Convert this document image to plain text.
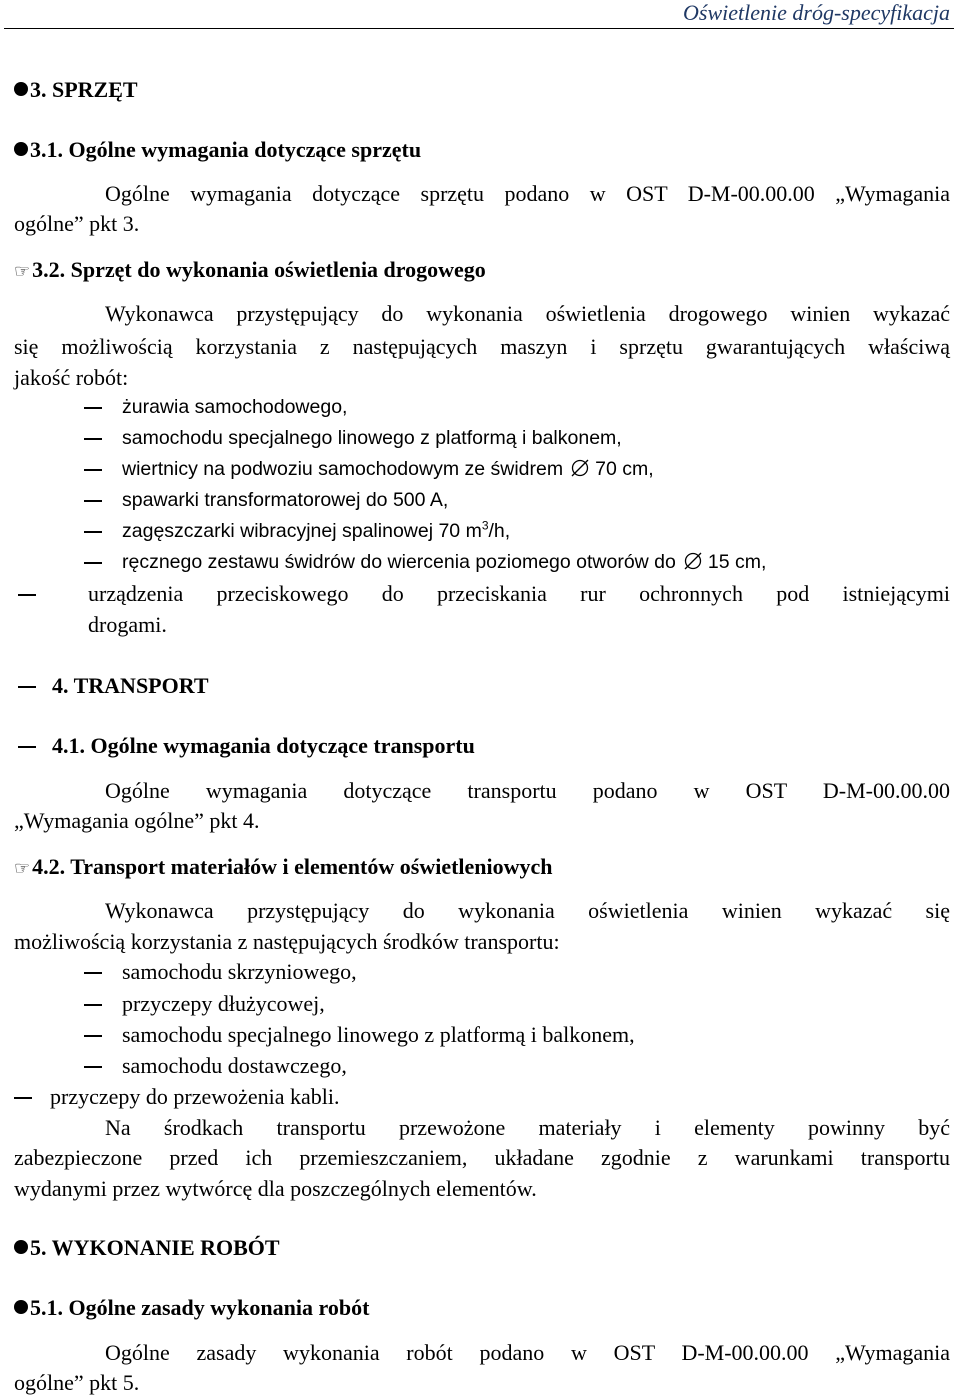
Oświetlenie dróg-specyfikacja
3. SPRZĘT
3.1. Ogólne wymagania dotyczące sprzętu
Ogólne wymagania dotyczące sprzętu podano w OST D-M-00.00.00 „Wymagania
ogólne” pkt 3.
☞3.2. Sprzęt do wykonania oświetlenia drogowego
Wykonawca przystępujący do wykonania oświetlenia drogowego winien wykazać
się możliwością korzystania z następujących maszyn i sprzętu gwarantujących właściwą
jakość robót:
żurawia samochodowego,
samochodu specjalnego linowego z platformą i balkonem,
wiertnicy na podwoziu samochodowym ze świdrem 70 cm,
spawarki transformatorowej do 500 A,
zagęszczarki wibracyjnej spalinowej 70 $m^3/h$,
ręcznego zestawu świdrów do wiercenia poziomego otworów do 15 cm,
urządzenia przeciskowego do przeciskania rur ochronnych pod istniejącymi
drogami.
4. TRANSPORT
4.1. Ogólne wymagania dotyczące transportu
Ogólne wymagania dotyczące transportu podano w OST D-M-00.00.00
„Wymagania ogólne” pkt 4.
☞4.2. Transport materiałów i elementów oświetleniowych
Wykonawca przystępujący do wykonania oświetlenia winien wykazać się
możliwością korzystania z następujących środków transportu:
samochodu skrzyniowego,
przyczepy dłużycowej,
samochodu specjalnego linowego z platformą i balkonem,
samochodu dostawczego,
przyczepy do przewożenia kabli.
Na środkach transportu przewożone materiały i elementy powinny być
zabezpieczone przed ich przemieszczaniem, układane zgodnie z warunkami transportu
wydanymi przez wytwórcę dla poszczególnych elementów.
5. WYKONANIE ROBÓT
5.1. Ogólne zasady wykonania robót
Ogólne zasady wykonania robót podano w OST D-M-00.00.00 „Wymagania
ogólne” pkt 5.
